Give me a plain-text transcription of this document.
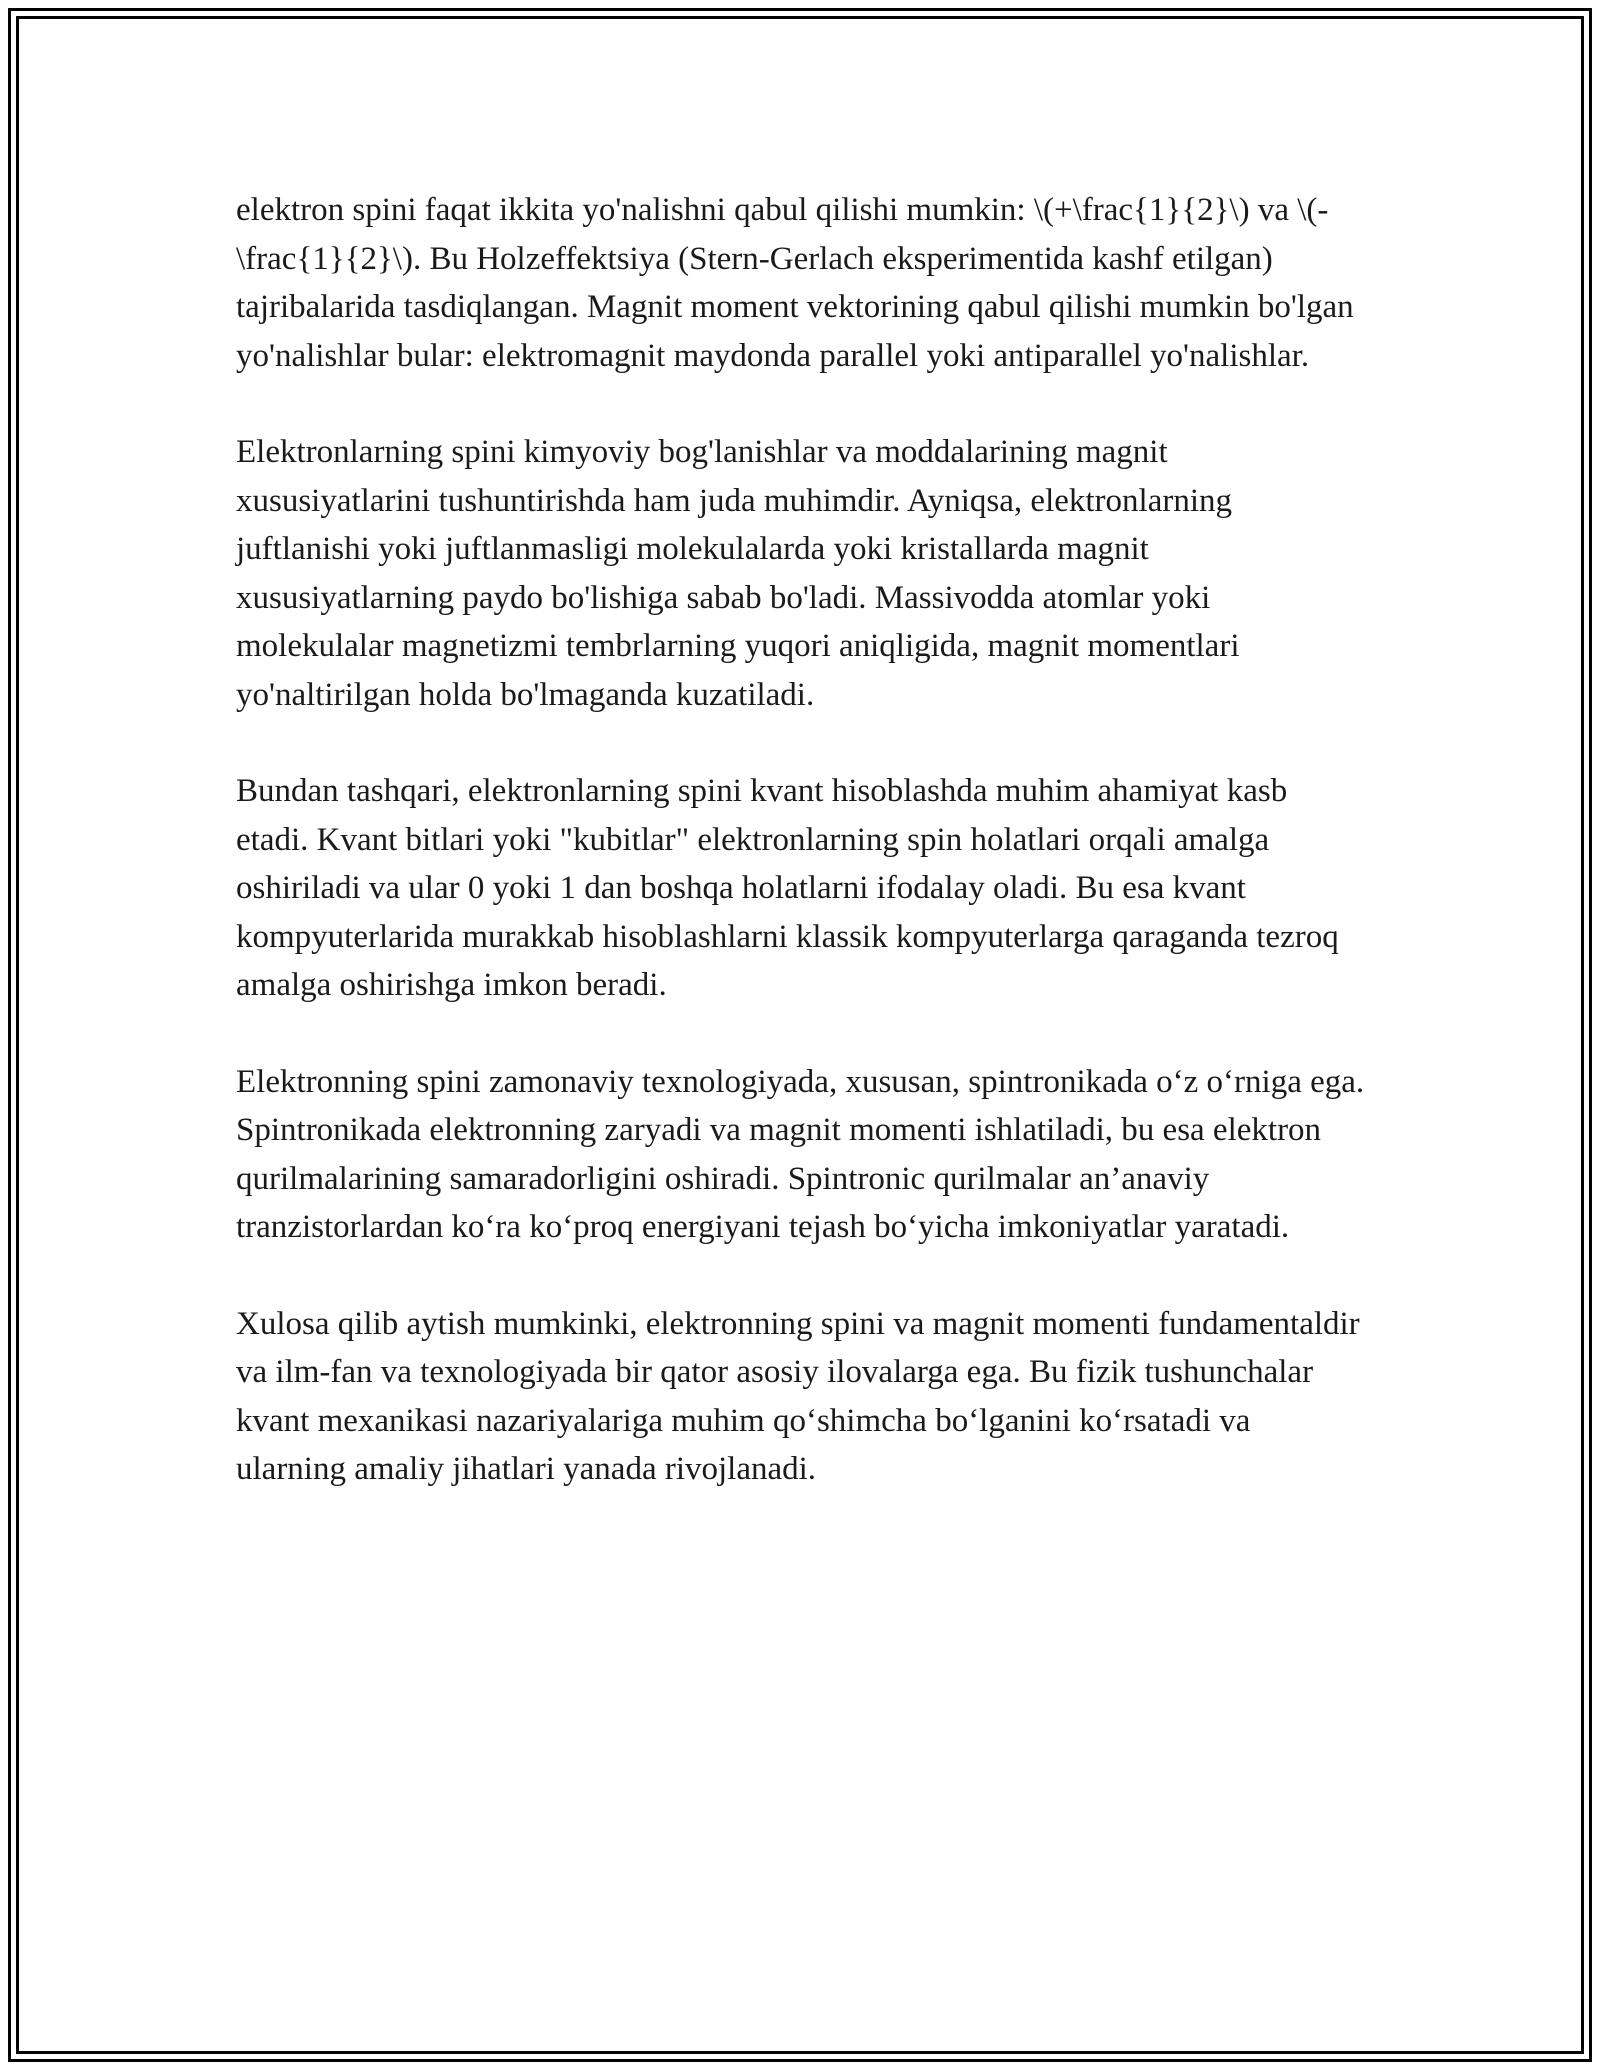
elektron spini faqat ikkita yo'nalishni qabul qilishi mumkin: \(+\frac{1}{2}\) va \(-\frac{1}{2}\). Bu Holzeffektsiya (Stern-Gerlach eksperimentida kashf etilgan) tajribalarida tasdiqlangan. Magnit moment vektorining qabul qilishi mumkin bo'lgan yo'nalishlar bular: elektromagnit maydonda parallel yoki antiparallel yo'nalishlar.

Elektronlarning spini kimyoviy bog'lanishlar va moddalarining magnit xususiyatlarini tushuntirishda ham juda muhimdir. Ayniqsa, elektronlarning juftlanishi yoki juftlanmasligi molekulalarda yoki kristallarda magnit xususiyatlarning paydo bo'lishiga sabab bo'ladi. Massivodda atomlar yoki molekulalar magnetizmi tembrlarning yuqori aniqligida, magnit momentlari yo'naltirilgan holda bo'lmaganda kuzatiladi.

Bundan tashqari, elektronlarning spini kvant hisoblashda muhim ahamiyat kasb etadi. Kvant bitlari yoki "kubitlar" elektronlarning spin holatlari orqali amalga oshiriladi va ular 0 yoki 1 dan boshqa holatlarni ifodalay oladi. Bu esa kvant kompyuterlarida murakkab hisoblashlarni klassik kompyuterlarga qaraganda tezroq amalga oshirishga imkon beradi.

Elektronning spini zamonaviy texnologiyada, xususan, spintronikada o‘z o‘rniga ega. Spintronikada elektronning zaryadi va magnit momenti ishlatiladi, bu esa elektron qurilmalarining samaradorligini oshiradi. Spintronic qurilmalar an’anaviy tranzistorlardan ko‘ra ko‘proq energiyani tejash bo‘yicha imkoniyatlar yaratadi.

Xulosa qilib aytish mumkinki, elektronning spini va magnit momenti fundamentaldir va ilm-fan va texnologiyada bir qator asosiy ilovalarga ega. Bu fizik tushunchalar kvant mexanikasi nazariyalariga muhim qo‘shimcha bo‘lganini ko‘rsatadi va ularning amaliy jihatlari yanada rivojlanadi.
